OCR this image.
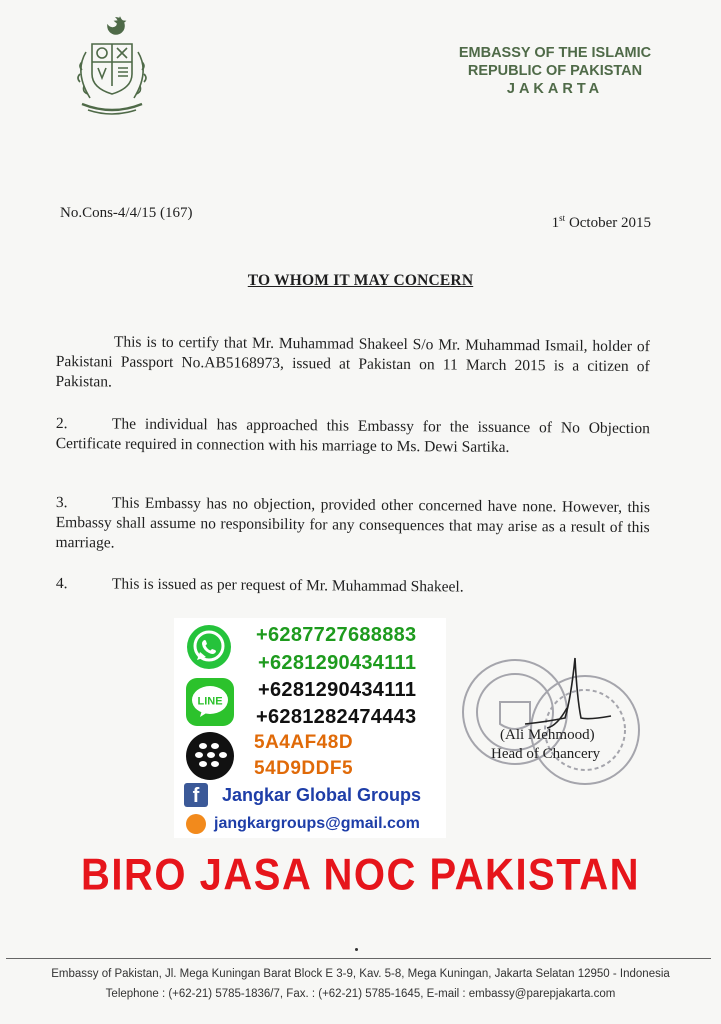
EMBASSY OF THE ISLAMIC
REPUBLIC OF PAKISTAN
JAKARTA
No.Cons-4/4/15 (167)
1st October 2015
TO WHOM IT MAY CONCERN
This is to certify that Mr. Muhammad Shakeel S/o Mr. Muhammad Ismail, holder of Pakistani Passport No.AB5168973, issued at Pakistan on 11 March 2015 is a citizen of Pakistan.
2.	The individual has approached this Embassy for the issuance of No Objection Certificate required in connection with his marriage to Ms. Dewi Sartika.
3.	This Embassy has no objection, provided other concerned have none. However, this Embassy shall assume no responsibility for any consequences that may arise as a result of this marriage.
4.	This is issued as per request of Mr. Muhammad Shakeel.
+6287727688883
+6281290434111
LINE
+6281290434111
+6281282474443
5A4AF48D
54D9DDF5
f	Jangkar Global Groups
jangkargroups@gmail.com
(Ali Mehmood)
Head of Chancery
BIRO JASA NOC PAKISTAN
Embassy of Pakistan, Jl. Mega Kuningan Barat Block E 3-9, Kav. 5-8, Mega Kuningan, Jakarta Selatan 12950 - Indonesia
Telephone : (+62-21) 5785-1836/7, Fax. : (+62-21) 5785-1645, E-mail : embassy@parepjakarta.com
